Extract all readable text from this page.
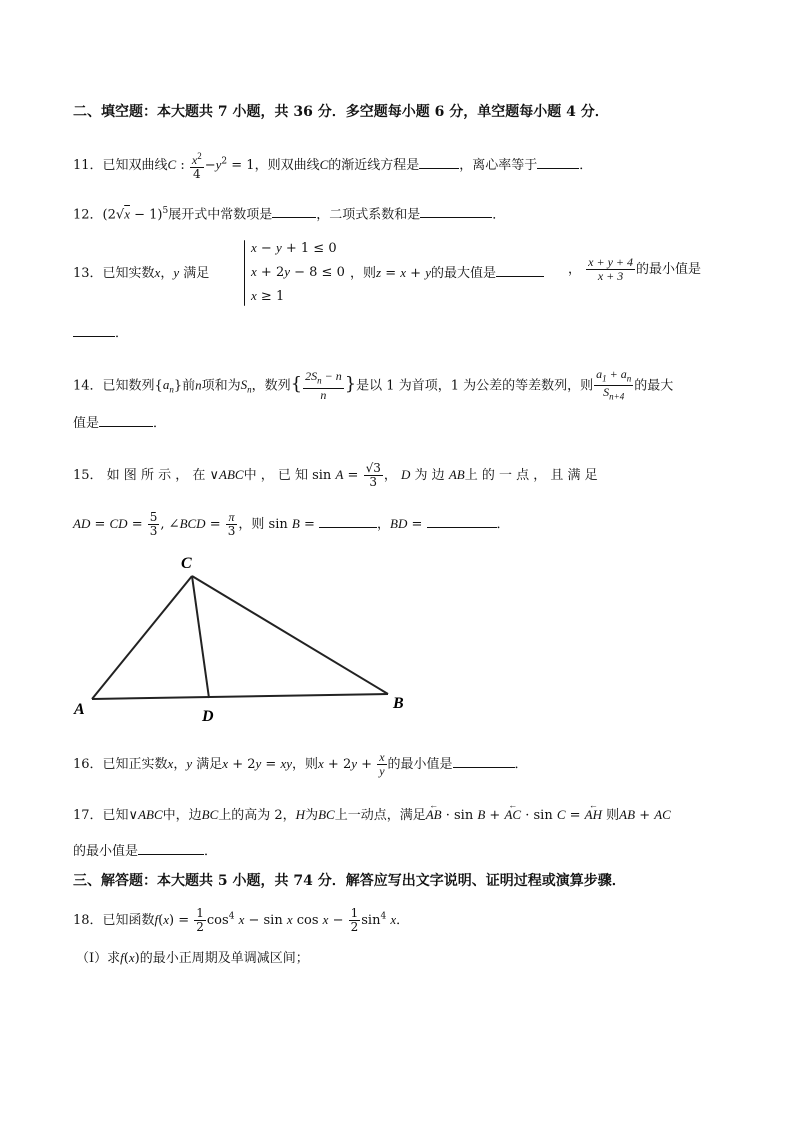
二、填空题：本大题共 7 小题，共 36 分．多空题每小题 6 分，单空题每小题 4 分．
11．已知双曲线C : $\frac{x^2}{4} -y^2 = 1$，则双曲线C的渐近线方程是	，离心率等于	．
12．$(2√x - 1)^5$展开式中常数项是	，二项式系数和是	．
13．已知实数x，y 满足
x − y + 1 ≤ 0
x + 2y − 8 ≤ 0
x ≥ 1
，则z = x + y的最大值是	， $\frac{x + y + 4}{x + 3}$ 的最小值是
．
14．已知数列$\{a_n\}$前n项和为$S_n$，数列{ $\frac{2S_n - n}{n}$ }是以 1 为首项，1 为公差的等差数列，则 $\frac{a_1 + a_n}{S_{n+4}}$ 的最大
值是	．
15． 如 图 所 示 ， 在 ∨ABC中 ， 已 知 $\sin A = \frac{√3}{3}$ ， D 为 边 AB上 的 一 点 ， 且 满 足
AD = CD = $\frac{5}{3}$ , ∠BCD = $\frac{\pi}{3}$ ，则 sin B =	，BD =	．
C
A	D
B
16．已知正实数x，y 满足x + 2y = xy，则$x + 2y + \frac{x}{y}$ 的最小值是	．
17．已知∨ABC中，边BC上的高为 2，H为BC上一动点，满足← AB · sin B + ← AC · sin C = ← AH 则AB + AC
的最小值是	．
三、解答题：本大题共 5 小题，共 74 分．解答应写出文字说明、证明过程或演算步骤．
18．已知函数$f(x) = \frac{1}{2} \cos^4 x - \sin x$ $\cos x - \frac{1}{2} \sin^4 x$．
（I）求f(x)的最小正周期及单调减区间；
